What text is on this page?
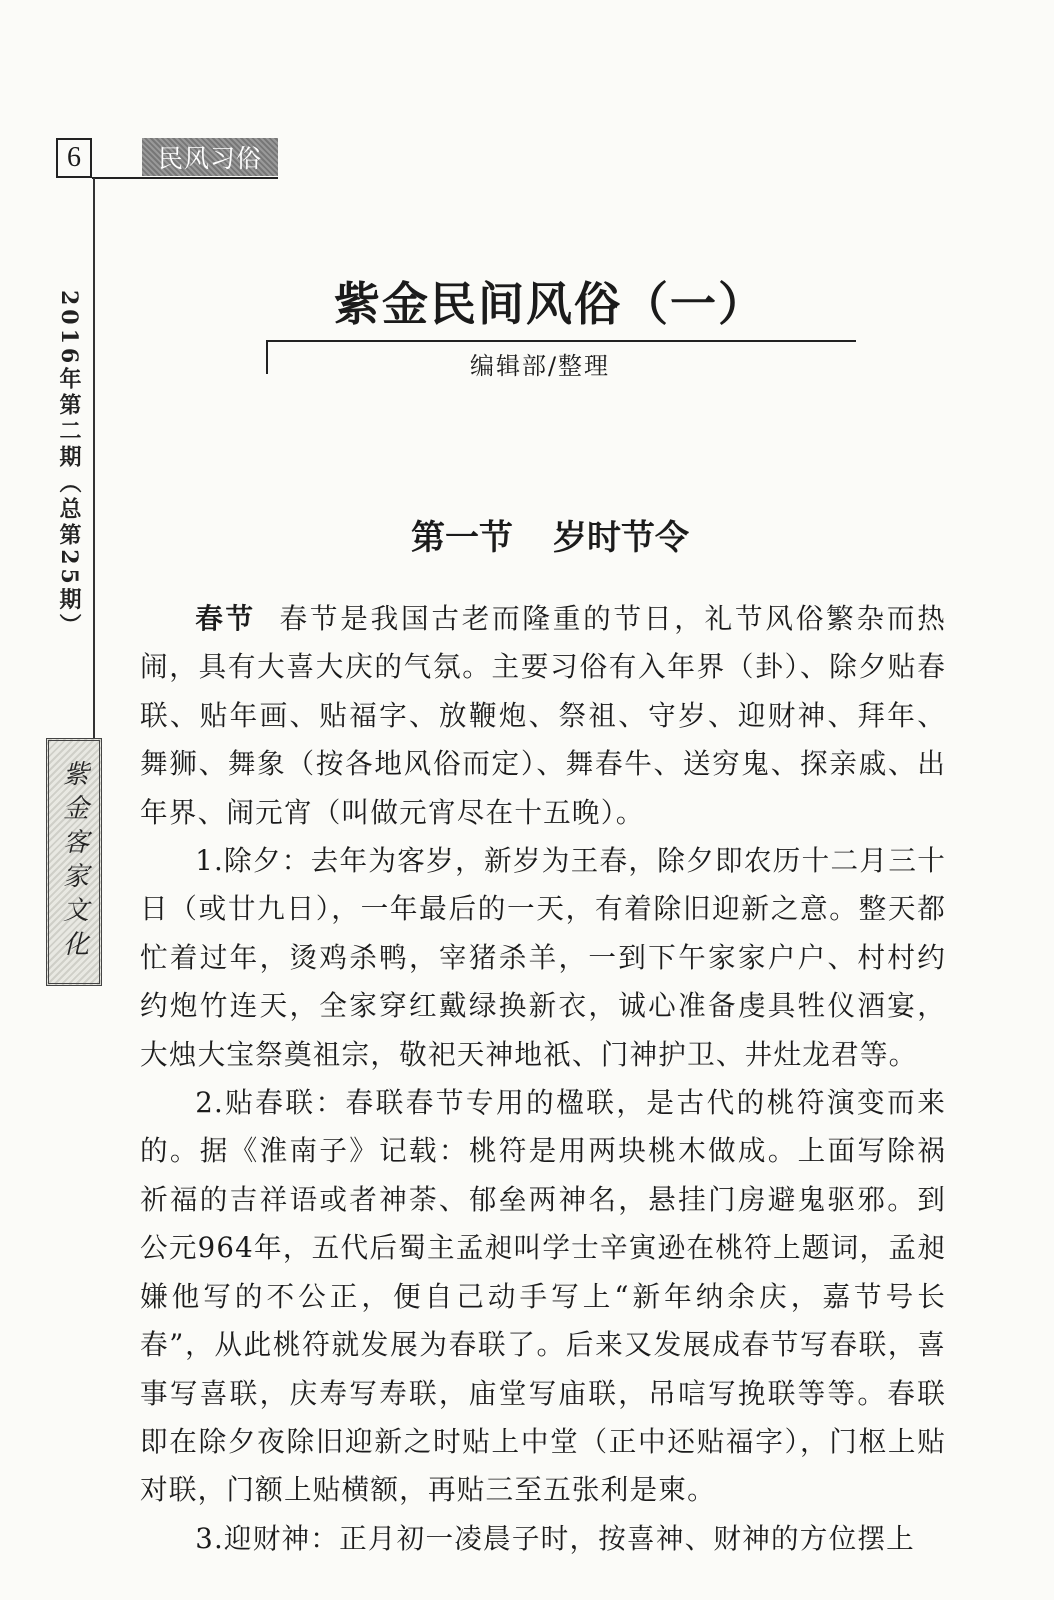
6	民风习俗
2016年第二期（总第25期）
紫金客家文化
紫金民间风俗（一）
编辑部/整理
第一节 岁时节令

春节 春节是我国古老而隆重的节日，礼节风俗繁杂而热闹，具有大喜大庆的气氛。主要习俗有入年界（卦）、除夕贴春联、贴年画、贴福字、放鞭炮、祭祖、守岁、迎财神、拜年、舞狮、舞象（按各地风俗而定）、舞春牛、送穷鬼、探亲戚、出年界、闹元宵（叫做元宵尽在十五晚）。

1.除夕：去年为客岁，新岁为王春，除夕即农历十二月三十日（或廿九日），一年最后的一天，有着除旧迎新之意。整天都忙着过年，烫鸡杀鸭，宰猪杀羊，一到下午家家户户、村村约约炮竹连天，全家穿红戴绿换新衣，诚心准备虔具牲仪酒宴，大烛大宝祭奠祖宗，敬祀天神地祇、门神护卫、井灶龙君等。

2.贴春联：春联春节专用的楹联，是古代的桃符演变而来的。据《淮南子》记载：桃符是用两块桃木做成。上面写除祸祈福的吉祥语或者神荼、郁垒两神名，悬挂门房避鬼驱邪。到公元964年，五代后蜀主孟昶叫学士辛寅逊在桃符上题词，孟昶嫌他写的不公正，便自己动手写上“新年纳余庆，嘉节号长春”，从此桃符就发展为春联了。后来又发展成春节写春联，喜事写喜联，庆寿写寿联，庙堂写庙联，吊唁写挽联等等。春联即在除夕夜除旧迎新之时贴上中堂（正中还贴福字），门枢上贴对联，门额上贴横额，再贴三至五张利是柬。

3.迎财神：正月初一凌晨子时，按喜神、财神的方位摆上
